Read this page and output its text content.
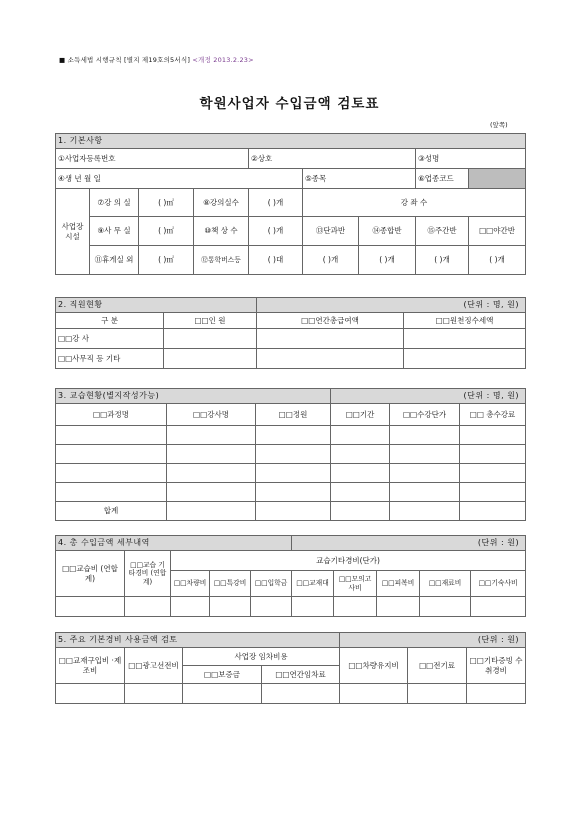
■ 소득세법 시행규칙 [별지 제19호의5서식] <개정 2013.2.23>
학원사업자 수입금액 검토표
(앞쪽)
1. 기본사항								
①사업자등록번호				②상호			③성명	
④생 년 월 일					⑤종목		⑥업종코드	
사업장 시설	⑦강 의 실	( )㎡	⑧강의실수	( )개	강 좌 수			
	⑨사 무 실	( )㎡	⑩책 상 수	( )개	⑬단과반	⑭종합반	⑮주간반	□□야간반
	⑪휴게실 외	( )㎡	⑫통학버스등	( )대	( )개	( )개	( )개	( )개
2. 직원현황		(단위 : 명, 원)	
구 분	□□인 원	□□연간총급여액	□□원천징수세액
□□강 사			
□□사무직 등 기타			
3. 교습현황(별지작성가능)			(단위 : 명, 원)		
□□과정명	□□강사명	□□정원	□□기간	□□수강단가	□□ 총수강료

합계					
4. 총 수입금액 세부내역					(단위 : 원)				
□□교습비 (연합계)	□□교습 기타경비 (연합계)	교습기타경비(단가)							
		□□차량비	□□특강비	□□입학금	□□교재대	□□모의고사비	□□피복비	□□재료비	□□기숙사비

5. 주요 기본경비 사용금액 검토				(단위 : 원)		
□□교재구입비 ·제조비	□□광고선전비	사업장 임차비용		□□차량유지비	□□전기료	□□기타증빙 수취경비
		□□보증금	□□연간임차료			
